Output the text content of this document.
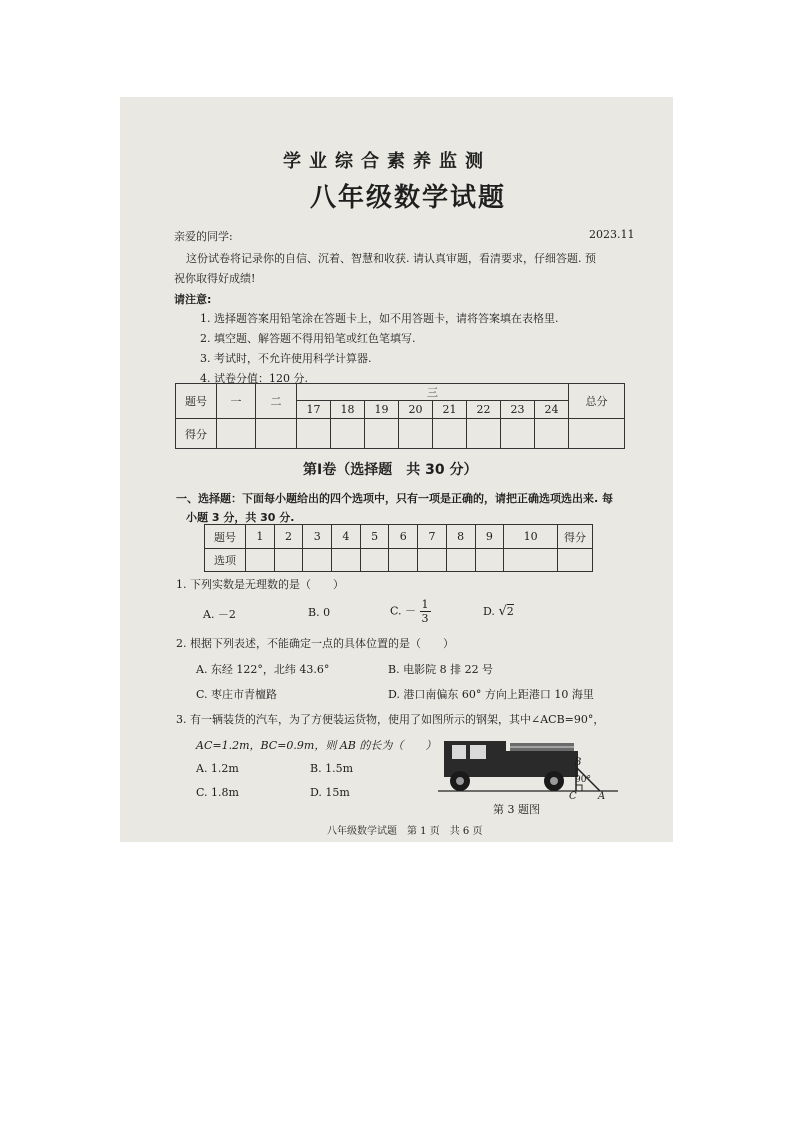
学业综合素养监测
八年级数学试题
亲爱的同学:	2023.11
这份试卷将记录你的自信、沉着、智慧和收获. 请认真审题，看清要求，仔细答题. 预
祝你取得好成绩!
请注意:
1. 选择题答案用铅笔涂在答题卡上，如不用答题卡，请将答案填在表格里.
2. 填空题、解答题不得用铅笔或红色笔填写.
3. 考试时，不允许使用科学计算器.
4. 试卷分值：120 分.
题号	一	二	三								总分
			17	18	19	20	21	22	23	24	
得分											
第Ⅰ卷（选择题　共 30 分）
一、选择题：下面每小题给出的四个选项中，只有一项是正确的，请把正确选项选出来. 每
小题 3 分，共 30 分.
题号	1	2	3	4	5	6	7	8	9	10	得分
选项											
1. 下列实数是无理数的是（　　）
A. －2	B. 0	C. － $\frac{1}{3}$	D. √2
2. 根据下列表述，不能确定一点的具体位置的是（　　）
A. 东经 122°，北纬 43.6°	B. 电影院 8 排 22 号
C. 枣庄市青檀路	D. 港口南偏东 60° 方向上距港口 10 海里
3. 有一辆装货的汽车，为了方便装运货物，使用了如图所示的钢架，其中∠ACB=90°，
AC=1.2m，BC=0.9m，则 AB 的长为（　　）
A. 1.2m	B. 1.5m
C. 1.8m	D. 15m
B
90°
C A
第 3 题图
八年级数学试题　第 1 页　共 6 页
